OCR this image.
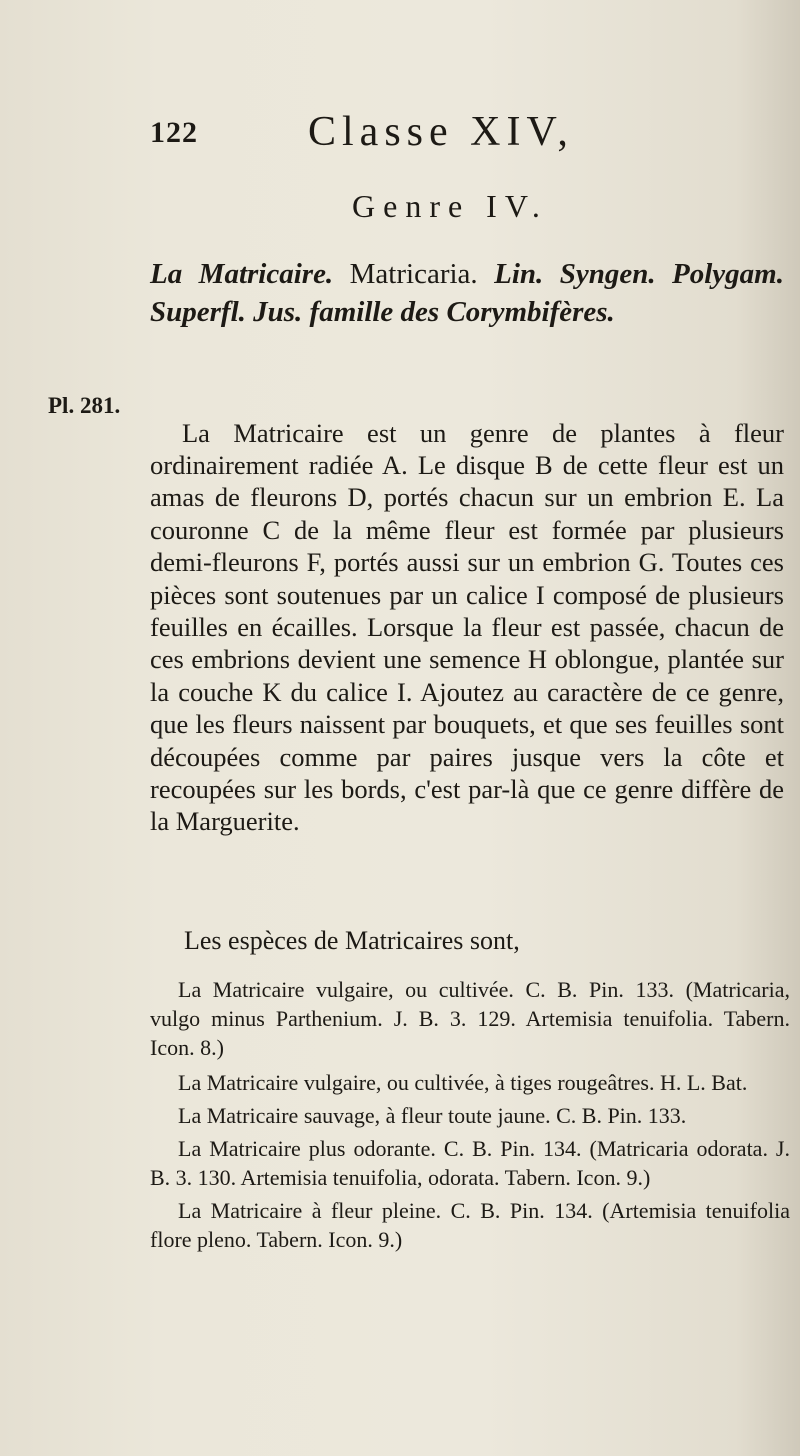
122	Classe XIV,
Genre IV.
La Matricaire. Matricaria. Lin. Syngen. Polygam. Superfl. Jus. famille des Corymbifères.
Pl. 281.

La Matricaire est un genre de plantes à fleur ordinairement radiée A. Le disque B de cette fleur est un amas de fleurons D, portés chacun sur un embrion E. La couronne C de la même fleur est formée par plusieurs demi-fleurons F, portés aussi sur un embrion G. Toutes ces pièces sont soutenues par un calice I composé de plusieurs feuilles en écailles. Lorsque la fleur est passée, chacun de ces embrions devient une semence H oblongue, plantée sur la couche K du calice I. Ajoutez au caractère de ce genre, que les fleurs naissent par bouquets, et que ses feuilles sont découpées comme par paires jusque vers la côte et recoupées sur les bords, c'est par-là que ce genre diffère de la Marguerite.

Les espèces de Matricaires sont,

La Matricaire vulgaire, ou cultivée. C. B. Pin. 133. (Matricaria, vulgo minus Parthenium. J. B. 3. 129. Artemisia tenuifolia. Tabern. Icon. 8.)

La Matricaire vulgaire, ou cultivée, à tiges rougeâtres. H. L. Bat.

La Matricaire sauvage, à fleur toute jaune. C. B. Pin. 133.

La Matricaire plus odorante. C. B. Pin. 134. (Matricaria odorata. J. B. 3. 130. Artemisia tenuifolia, odorata. Tabern. Icon. 9.)

La Matricaire à fleur pleine. C. B. Pin. 134. (Artemisia tenuifolia flore pleno. Tabern. Icon. 9.)
